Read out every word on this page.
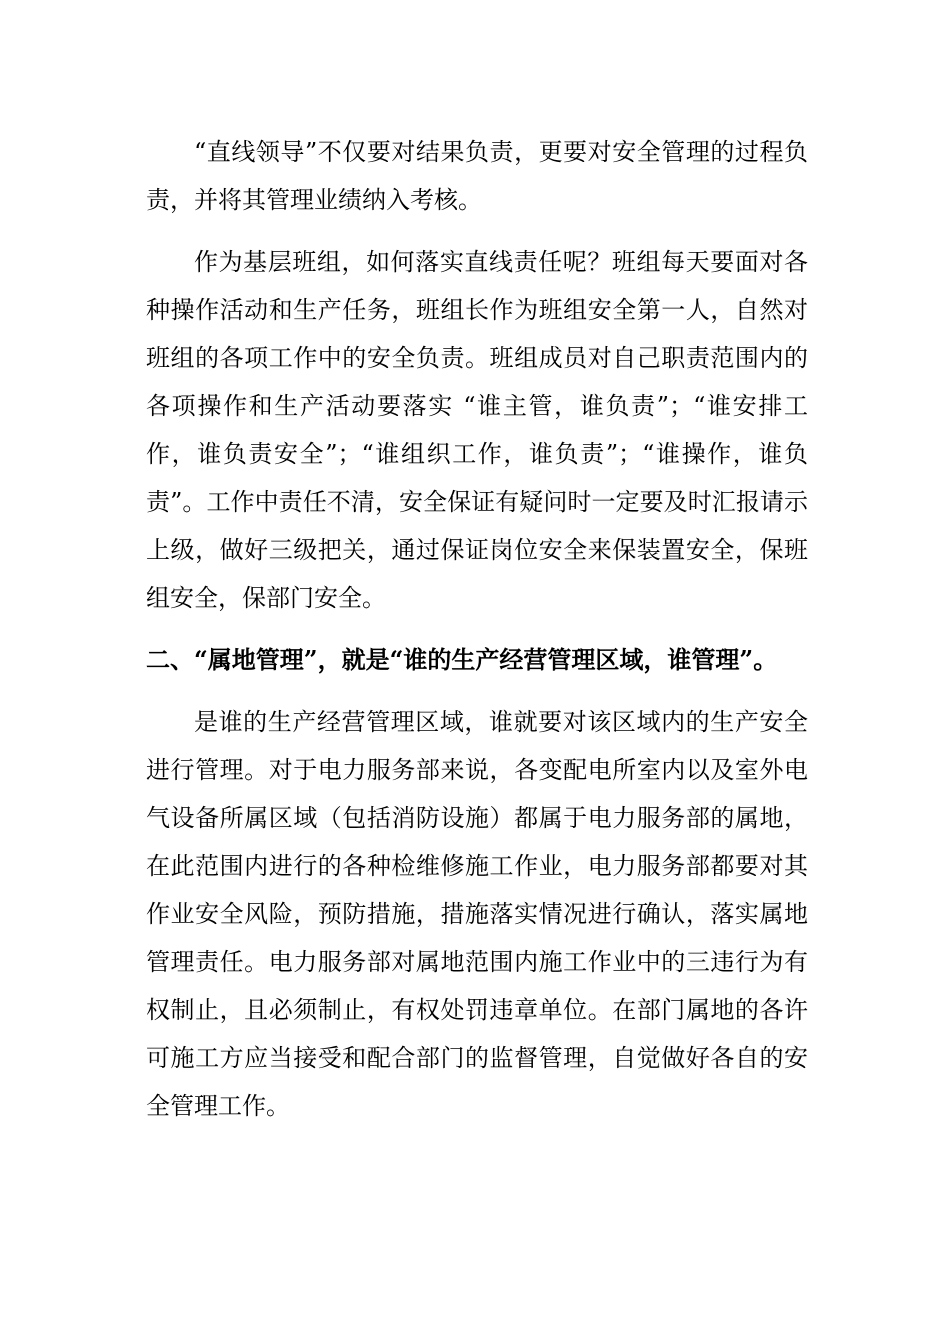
“直线领导”不仅要对结果负责，更要对安全管理的过程负责，并将其管理业绩纳入考核。

作为基层班组，如何落实直线责任呢？班组每天要面对各种操作活动和生产任务，班组长作为班组安全第一人，自然对班组的各项工作中的安全负责。班组成员对自己职责范围内的各项操作和生产活动要落实 “谁主管，谁负责”；“谁安排工作，谁负责安全”；“谁组织工作，谁负责”；“谁操作，谁负责”。工作中责任不清，安全保证有疑问时一定要及时汇报请示上级，做好三级把关，通过保证岗位安全来保装置安全，保班组安全，保部门安全。

二、“属地管理”，就是“谁的生产经营管理区域，谁管理”。

是谁的生产经营管理区域，谁就要对该区域内的生产安全进行管理。对于电力服务部来说，各变配电所室内以及室外电气设备所属区域（包括消防设施）都属于电力服务部的属地，在此范围内进行的各种检维修施工作业，电力服务部都要对其作业安全风险，预防措施，措施落实情况进行确认，落实属地管理责任。电力服务部对属地范围内施工作业中的三违行为有权制止，且必须制止，有权处罚违章单位。在部门属地的各许可施工方应当接受和配合部门的监督管理，自觉做好各自的安全管理工作。
